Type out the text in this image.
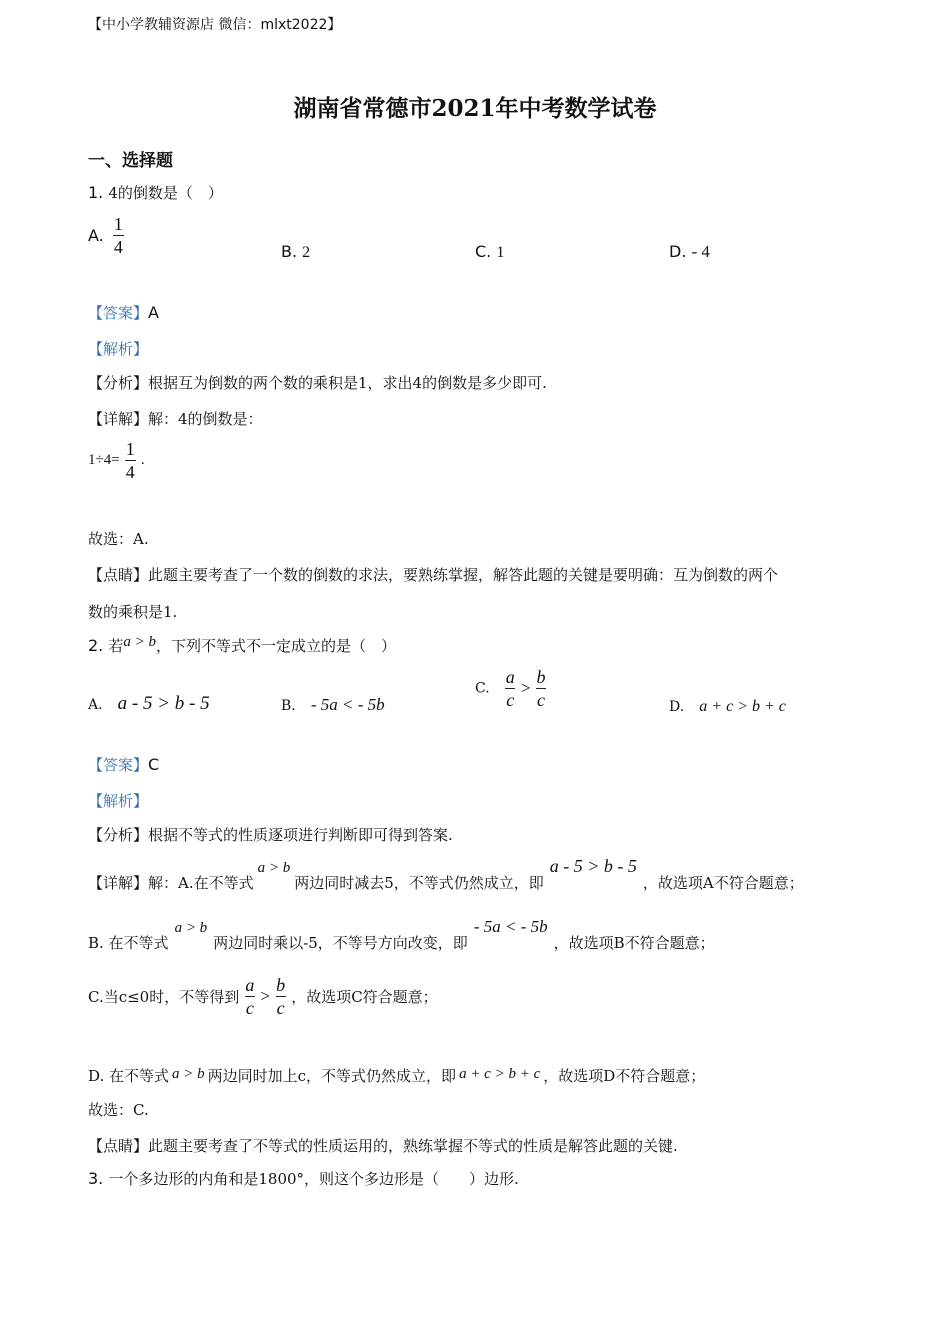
【中小学教辅资源店 微信：mlxt2022】
湖南省常德市2021年中考数学试卷
一、选择题
1. 4的倒数是（　）
A. $\frac{1}{4}$	B. 2	C. 1	D. - 4
【答案】A
【解析】
【分析】根据互为倒数的两个数的乘积是1，求出4的倒数是多少即可.
【详解】解：4的倒数是：
$1\div 4= \frac{1}{4}$ .
故选：A.
【点睛】此题主要考查了一个数的倒数的求法，要熟练掌握，解答此题的关键是要明确：互为倒数的两个
数的乘积是1.
2. 若a > b，下列不等式不一定成立的是（　）
A. a - 5 > b - 5	B. - 5a < - 5b
C. $\frac{a}{c} > \frac{b}{c}$	D. a + c > b + c
【答案】C
【解析】
【分析】根据不等式的性质逐项进行判断即可得到答案.
【详解】解：A.在不等式a > b两边同时减去5，不等式仍然成立，即a - 5 > b - 5，故选项A不符合题意；
B. 在不等式a > b两边同时乘以-5，不等号方向改变，即- 5a < - 5b，故选项B不符合题意；
C.当c≤0时，不等得到 $\frac{a}{c} > \frac{b}{c}$ ，故选项C符合题意；
D. 在不等式 a > b 两边同时加上c，不等式仍然成立，即 a + c > b + c ，故选项D不符合题意；
故选：C.
【点睛】此题主要考查了不等式的性质运用的，熟练掌握不等式的性质是解答此题的关键.
3. 一个多边形的内角和是1800°，则这个多边形是（　　）边形.
